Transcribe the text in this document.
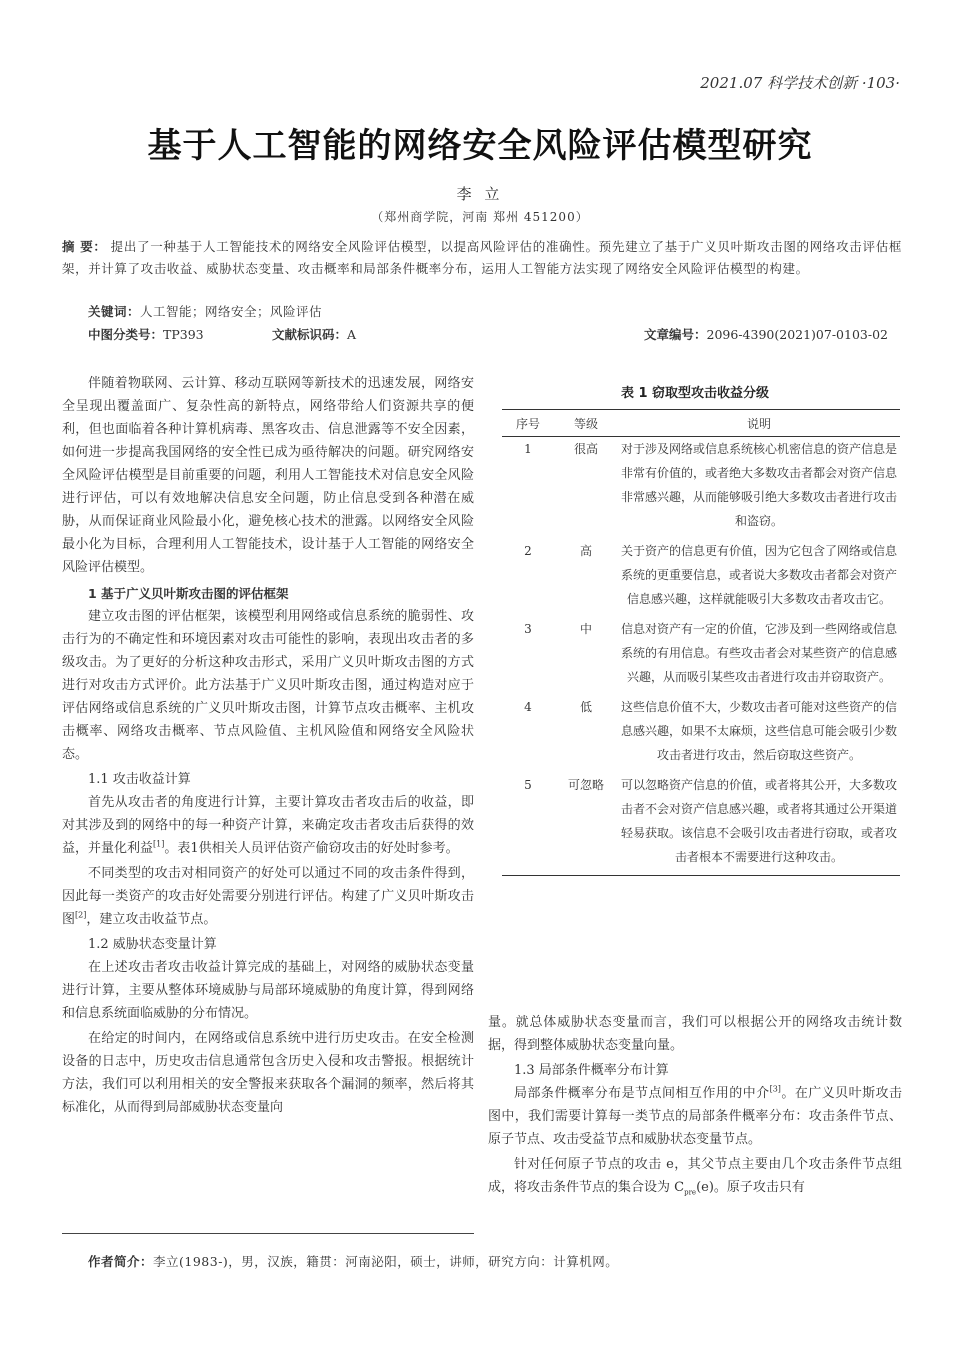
2021.07 科学技术创新 ·103·
基于人工智能的网络安全风险评估模型研究
李 立
（郑州商学院，河南 郑州 451200）
摘 要： 提出了一种基于人工智能技术的网络安全风险评估模型，以提高风险评估的准确性。预先建立了基于广义贝叶斯攻击图的网络攻击评估框架，并计算了攻击收益、威胁状态变量、攻击概率和局部条件概率分布，运用人工智能方法实现了网络安全风险评估模型的构建。
关键词：人工智能；网络安全；风险评估
中图分类号：TP393	文献标识码：A	文章编号：2096-4390(2021)07-0103-02

伴随着物联网、云计算、移动互联网等新技术的迅速发展，网络安全呈现出覆盖面广、复杂性高的新特点，网络带给人们资源共享的便利，但也面临着各种计算机病毒、黑客攻击、信息泄露等不安全因素，如何进一步提高我国网络的安全性已成为亟待解决的问题。研究网络安全风险评估模型是目前重要的问题，利用人工智能技术对信息安全风险进行评估，可以有效地解决信息安全问题，防止信息受到各种潜在威胁，从而保证商业风险最小化，避免核心技术的泄露。以网络安全风险最小化为目标，合理利用人工智能技术，设计基于人工智能的网络安全风险评估模型。

1 基于广义贝叶斯攻击图的评估框架

建立攻击图的评估框架，该模型利用网络或信息系统的脆弱性、攻击行为的不确定性和环境因素对攻击可能性的影响，表现出攻击者的多级攻击。为了更好的分析这种攻击形式，采用广义贝叶斯攻击图的方式进行对攻击方式评价。此方法基于广义贝叶斯攻击图，通过构造对应于评估网络或信息系统的广义贝叶斯攻击图，计算节点攻击概率、主机攻击概率、网络攻击概率、节点风险值、主机风险值和网络安全风险状态。

1.1 攻击收益计算

首先从攻击者的角度进行计算，主要计算攻击者攻击后的收益，即对其涉及到的网络中的每一种资产计算，来确定攻击者攻击后获得的效益，并量化利益[1]。表1供相关人员评估资产偷窃攻击的好处时参考。

不同类型的攻击对相同资产的好处可以通过不同的攻击条件得到，因此每一类资产的攻击好处需要分别进行评估。构建了广义贝叶斯攻击图[2]，建立攻击收益节点。

1.2 威胁状态变量计算

在上述攻击者攻击收益计算完成的基础上，对网络的威胁状态变量进行计算，主要从整体环境威胁与局部环境威胁的角度计算，得到网络和信息系统面临威胁的分布情况。

在给定的时间内，在网络或信息系统中进行历史攻击。在安全检测设备的日志中，历史攻击信息通常包含历史入侵和攻击警报。根据统计方法，我们可以利用相关的安全警报来获取各个漏洞的频率，然后将其标准化，从而得到局部威胁状态变量向

表 1 窃取型攻击收益分级
序号	等级	说明
1	很高	对于涉及网络或信息系统核心机密信息的资产信息是非常有价值的，或者绝大多数攻击者都会对资产信息非常感兴趣，从而能够吸引绝大多数攻击者进行攻击和盗窃。
2	高	关于资产的信息更有价值，因为它包含了网络或信息系统的更重要信息，或者说大多数攻击者都会对资产信息感兴趣，这样就能吸引大多数攻击者攻击它。
3	中	信息对资产有一定的价值，它涉及到一些网络或信息系统的有用信息。有些攻击者会对某些资产的信息感兴趣，从而吸引某些攻击者进行攻击并窃取资产。
4	低	这些信息价值不大，少数攻击者可能对这些资产的信息感兴趣，如果不太麻烦，这些信息可能会吸引少数攻击者进行攻击，然后窃取这些资产。
5	可忽略	可以忽略资产信息的价值，或者将其公开，大多数攻击者不会对资产信息感兴趣，或者将其通过公开渠道轻易获取。该信息不会吸引攻击者进行窃取，或者攻击者根本不需要进行这种攻击。

量。就总体威胁状态变量而言，我们可以根据公开的网络攻击统计数据，得到整体威胁状态变量向量。

1.3 局部条件概率分布计算

局部条件概率分布是节点间相互作用的中介[3]。在广义贝叶斯攻击图中，我们需要计算每一类节点的局部条件概率分布：攻击条件节点、原子节点、攻击受益节点和威胁状态变量节点。

针对任何原子节点的攻击 e，其父节点主要由几个攻击条件节点组成，将攻击条件节点的集合设为 $C_{pre}(e)$。原子攻击只有

作者简介：李立(1983-)，男，汉族，籍贯：河南泌阳，硕士，讲师，研究方向：计算机网。
